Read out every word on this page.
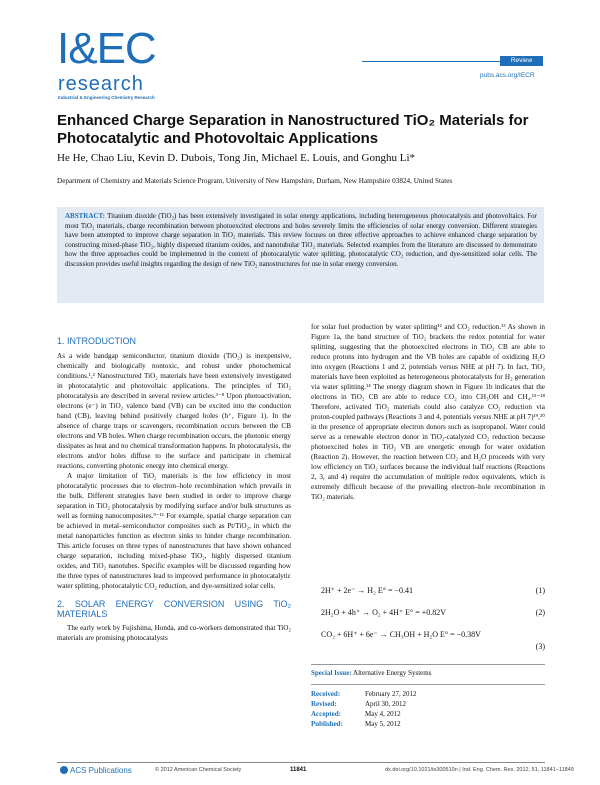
I&EC
research
Industrial & Engineering Chemistry Research
Review
pubs.acs.org/IECR
Enhanced Charge Separation in Nanostructured TiO₂ Materials for Photocatalytic and Photovoltaic Applications
He He, Chao Liu, Kevin D. Dubois, Tong Jin, Michael E. Louis, and Gonghu Li*
Department of Chemistry and Materials Science Program, University of New Hampshire, Durham, New Hampshire 03824, United States
ABSTRACT: Titanium dioxide (TiO₂) has been extensively investigated in solar energy applications, including heterogeneous photocatalysis and photovoltaics. For most TiO₂ materials, charge recombination between photoexcited electrons and holes severely limits the efficiencies of solar energy conversion. Different strategies have been attempted to improve charge separation in TiO₂ materials. This review focuses on three effective approaches to achieve enhanced charge separation by constructing mixed-phase TiO₂, highly dispersed titanium oxides, and nanotubular TiO₂ materials. Selected examples from the literature are discussed to demonstrate how the three approaches could be implemented in the context of photocatalytic water splitting, photocatalytic CO₂ reduction, and dye-sensitized solar cells. The discussion provides useful insights regarding the design of new TiO₂ nanostructures for use in solar energy conversion.
1. INTRODUCTION

As a wide bandgap semiconductor, titanium dioxide (TiO₂) is inexpensive, chemically and biologically nontoxic, and robust under photochemical conditions.¹,² Nanostructured TiO₂ materials have been extensively investigated in photocatalytic and photovoltaic applications. The principles of TiO₂ photocatalysis are described in several review articles.³⁻⁸ Upon photoactivation, electrons (e⁻) in TiO₂ valence band (VB) can be excited into the conduction band (CB), leaving behind positively charged holes (h⁺, Figure 1). In the absence of charge traps or scavengers, recombination occurs between the CB electrons and VB holes. When charge recombination occurs, the photonic energy dissipates as heat and no chemical transformation happens. In photocatalysis, the electrons and/or holes diffuse to the surface and participate in chemical reactions, converting photonic energy into chemical energy.

A major limitation of TiO₂ materials is the low efficiency in most photocatalytic processes due to electron–hole recombination which prevails in the bulk. Different strategies have been studied in order to improve charge separation in TiO₂ photocatalysis by modifying surface and/or bulk structures as well as forming nanocomposites.⁹⁻¹¹ For example, spatial charge separation can be achieved in metal–semiconductor composites such as Pt/TiO₂, in which the metal nanoparticles function as electron sinks to hinder charge recombination. This article focuses on three types of nanostructures that have shown enhanced charge separation, including mixed-phase TiO₂, highly dispersed titanium oxides, and TiO₂ nanotubes. Specific examples will be discussed regarding how the three types of nanostructures lead to improved performance in photocatalytic water splitting, photocatalytic CO₂ reduction, and dye-sensitized solar cells.

2. SOLAR ENERGY CONVERSION USING TiO₂ MATERIALS

The early work by Fujishima, Honda, and co-workers demonstrated that TiO₂ materials are promising photocatalysts

for solar fuel production by water splitting¹² and CO₂ reduction.¹³ As shown in Figure 1a, the band structure of TiO₂ brackets the redox potential for water splitting, suggesting that the photoexcited electrons in TiO₂ CB are able to reduce protons into hydrogen and the VB holes are capable of oxidizing H₂O into oxygen (Reactions 1 and 2, potentials versus NHE at pH 7). In fact, TiO₂ materials have been exploited as heterogeneous photocatalysts for H₂ generation via water splitting.¹⁴ The energy diagram shown in Figure 1b indicates that the electrons in TiO₂ CB are able to reduce CO₂ into CH₃OH and CH₄.¹⁵⁻¹⁸ Therefore, activated TiO₂ materials could also catalyze CO₂ reduction via proton-coupled pathways (Reactions 3 and 4, potentials versus NHE at pH 7)¹⁹,²⁰ in the presence of appropriate electron donors such as isopropanol. Water could serve as a renewable electron donor in TiO₂-catalyzed CO₂ reduction because photoexcited holes in TiO₂ VB are energetic enough for water oxidation (Reaction 2). However, the reaction between CO₂ and H₂O proceeds with very low efficiency on TiO₂ surfaces because the individual half reactions (Reactions 2, 3, and 4) require the accumulation of multiple redox equivalents, which is extremely difficult because of the prevailing electron–hole recombination in TiO₂ materials.

2H⁺ + 2e⁻ → H₂ E° = −0.41	(1)
2H₂O + 4h⁺ → O₂ + 4H⁺ E° = +0.82V	(2)
CO₂ + 6H⁺ + 6e⁻ → CH₃OH + H₂O E° = −0.38V
(3)
Special Issue: Alternative Energy Systems
Received:	February 27, 2012
Revised:	April 30, 2012
Accepted:	May 4, 2012
Published:	May 5, 2012
ACS Publications	© 2012 American Chemical Society	11841	dx.doi.org/10.1021/ie300510n | Ind. Eng. Chem. Res. 2012, 51, 11841−11849
